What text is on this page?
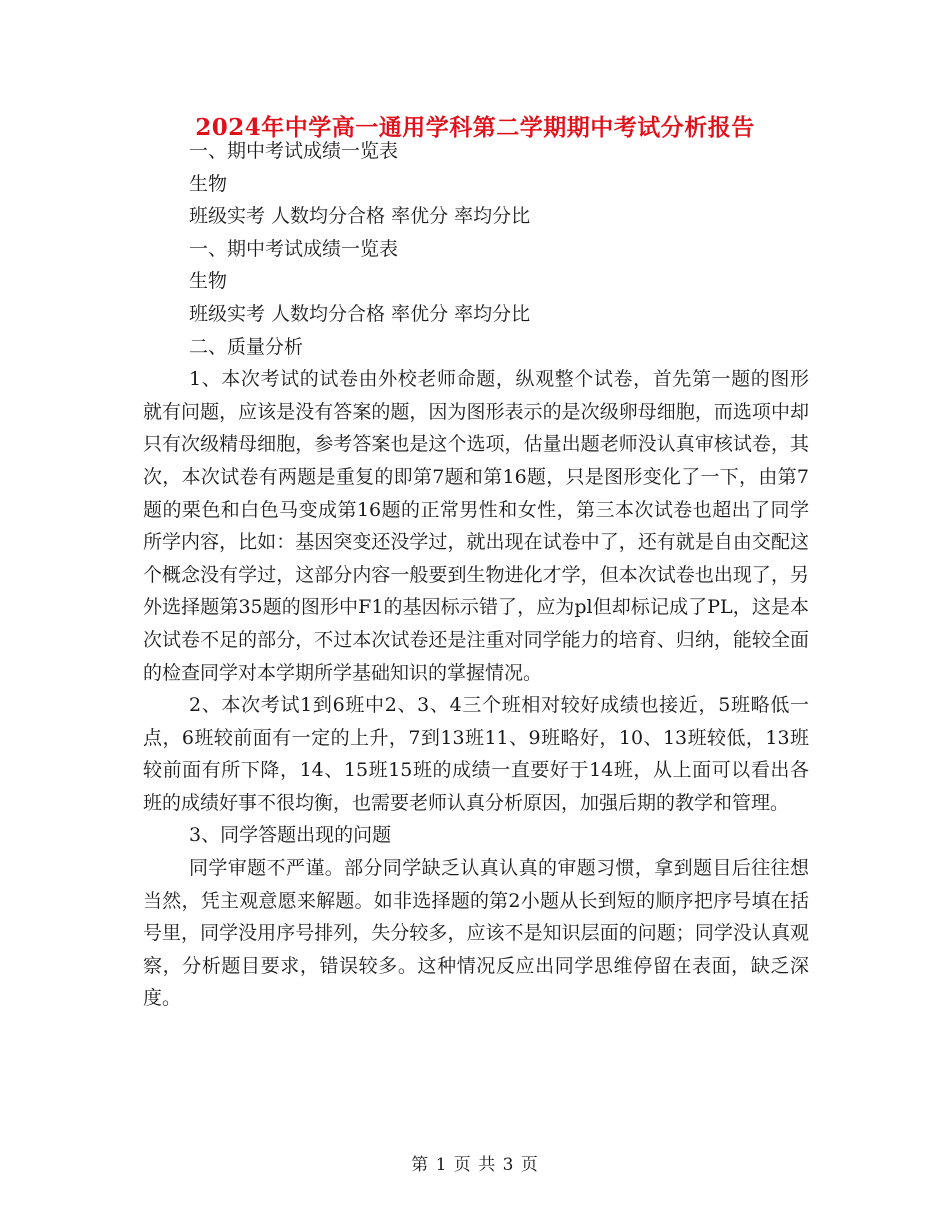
2024年中学高一通用学科第二学期期中考试分析报告

一、期中考试成绩一览表

生物

班级实考 人数均分合格 率优分 率均分比

一、期中考试成绩一览表

生物

班级实考 人数均分合格 率优分 率均分比

二、质量分析

1、本次考试的试卷由外校老师命题，纵观整个试卷，首先第一题的图形就有问题，应该是没有答案的题，因为图形表示的是次级卵母细胞，而选项中却只有次级精母细胞，参考答案也是这个选项，估量出题老师没认真审核试卷，其次，本次试卷有两题是重复的即第7题和第16题，只是图形变化了一下，由第7题的栗色和白色马变成第16题的正常男性和女性，第三本次试卷也超出了同学所学内容，比如：基因突变还没学过，就出现在试卷中了，还有就是自由交配这个概念没有学过，这部分内容一般要到生物进化才学，但本次试卷也出现了，另外选择题第35题的图形中F1的基因标示错了，应为pl但却标记成了PL，这是本次试卷不足的部分，不过本次试卷还是注重对同学能力的培育、归纳，能较全面的检查同学对本学期所学基础知识的掌握情况。

2、本次考试1到6班中2、3、4三个班相对较好成绩也接近，5班略低一点，6班较前面有一定的上升，7到13班11、9班略好，10、13班较低，13班较前面有所下降，14、15班15班的成绩一直要好于14班，从上面可以看出各班的成绩好事不很均衡，也需要老师认真分析原因，加强后期的教学和管理。

3、同学答题出现的问题

同学审题不严谨。部分同学缺乏认真认真的审题习惯，拿到题目后往往想当然，凭主观意愿来解题。如非选择题的第2小题从长到短的顺序把序号填在括号里，同学没用序号排列，失分较多，应该不是知识层面的问题；同学没认真观察，分析题目要求，错误较多。这种情况反应出同学思维停留在表面，缺乏深度。

第 1 页 共 3 页
